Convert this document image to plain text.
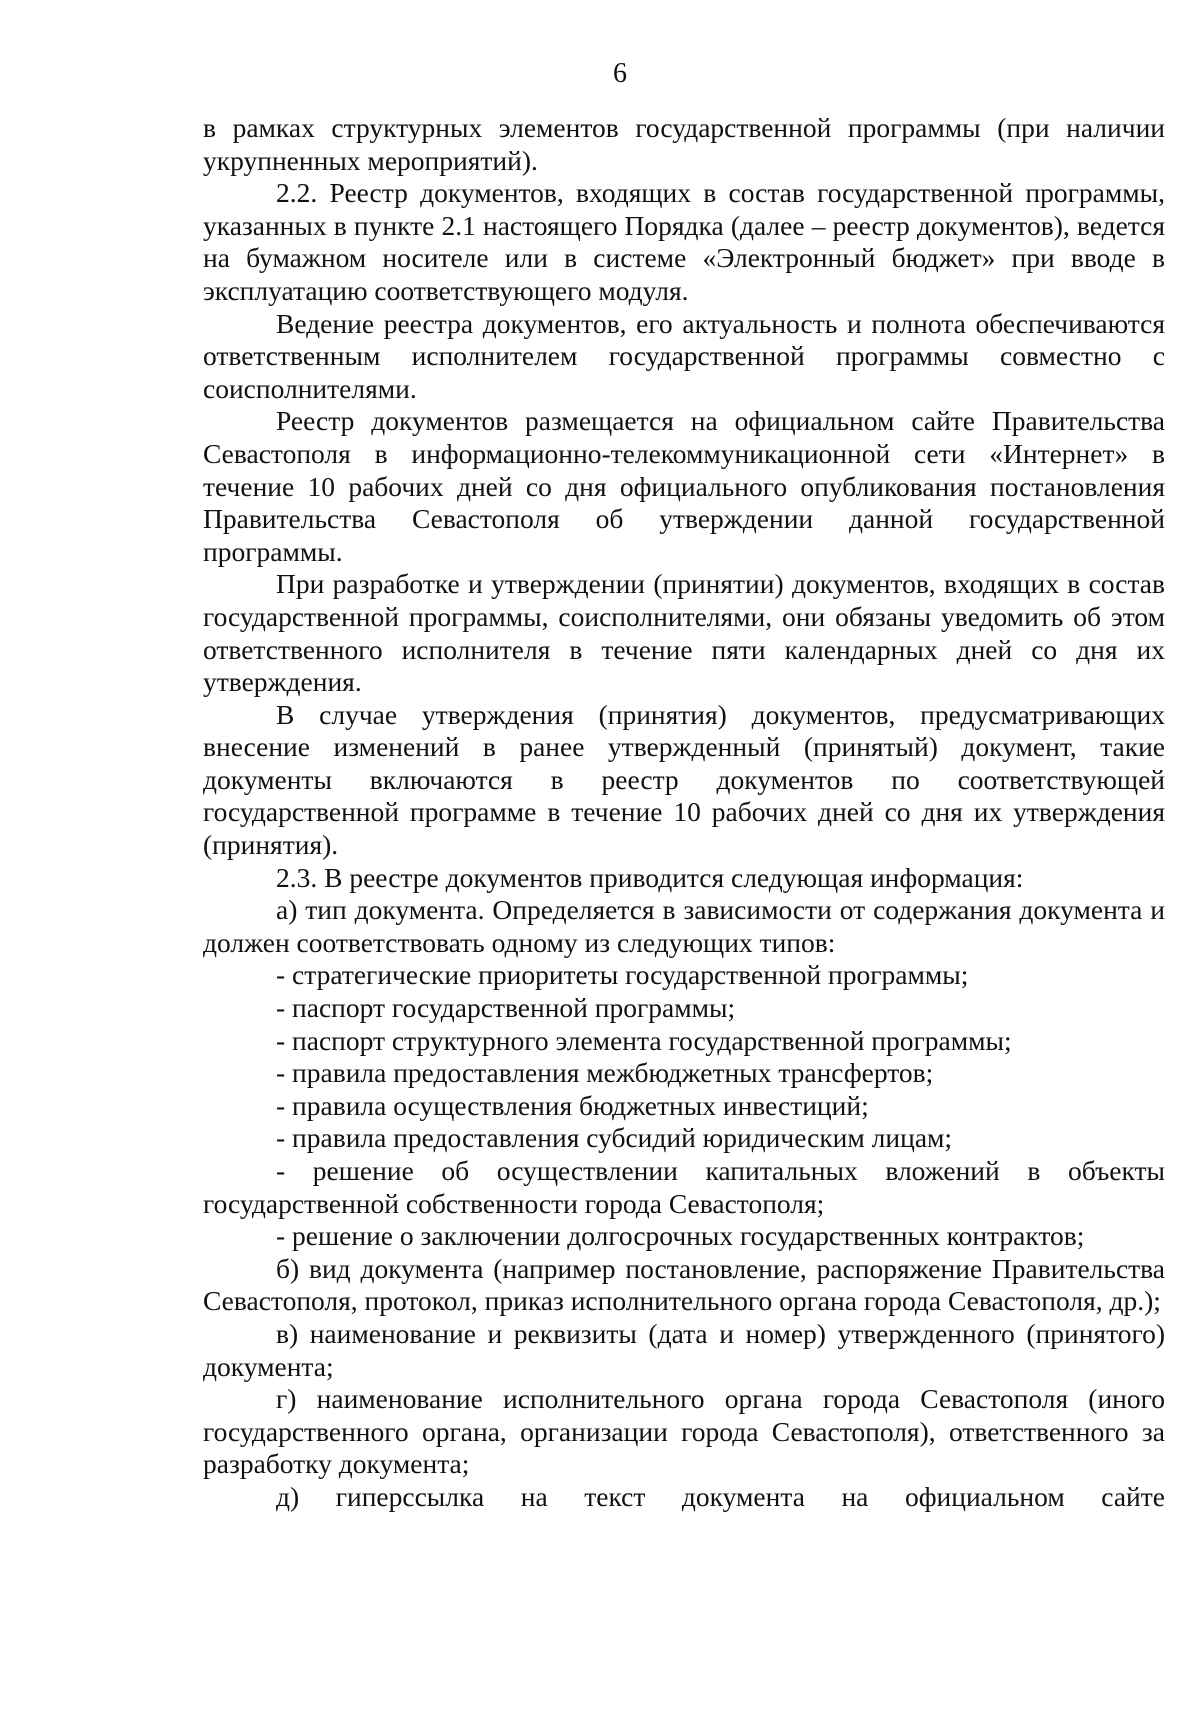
6

в рамках структурных элементов государственной программы (при наличии укрупненных мероприятий).

2.2. Реестр документов, входящих в состав государственной программы, указанных в пункте 2.1 настоящего Порядка (далее – реестр документов), ведется на бумажном носителе или в системе «Электронный бюджет» при вводе в эксплуатацию соответствующего модуля.

Ведение реестра документов, его актуальность и полнота обеспечиваются ответственным исполнителем государственной программы совместно с соисполнителями.

Реестр документов размещается на официальном сайте Правительства Севастополя в информационно-телекоммуникационной сети «Интернет» в течение 10 рабочих дней со дня официального опубликования постановления Правительства Севастополя об утверждении данной государственной программы.

При разработке и утверждении (принятии) документов, входящих в состав государственной программы, соисполнителями, они обязаны уведомить об этом ответственного исполнителя в течение пяти календарных дней со дня их утверждения.

В случае утверждения (принятия) документов, предусматривающих внесение изменений в ранее утвержденный (принятый) документ, такие документы включаются в реестр документов по соответствующей государственной программе в течение 10 рабочих дней со дня их утверждения (принятия).

2.3. В реестре документов приводится следующая информация:

а) тип документа. Определяется в зависимости от содержания документа и должен соответствовать одному из следующих типов:

- стратегические приоритеты государственной программы;

- паспорт государственной программы;

- паспорт структурного элемента государственной программы;

- правила предоставления межбюджетных трансфертов;

- правила осуществления бюджетных инвестиций;

- правила предоставления субсидий юридическим лицам;

- решение об осуществлении капитальных вложений в объекты государственной собственности города Севастополя;

- решение о заключении долгосрочных государственных контрактов;

б) вид документа (например постановление, распоряжение Правительства Севастополя, протокол, приказ исполнительного органа города Севастополя, др.);

в) наименование и реквизиты (дата и номер) утвержденного (принятого) документа;

г) наименование исполнительного органа города Севастополя (иного государственного органа, организации города Севастополя), ответственного за разработку документа;

д) гиперссылка на текст документа на официальном сайте
